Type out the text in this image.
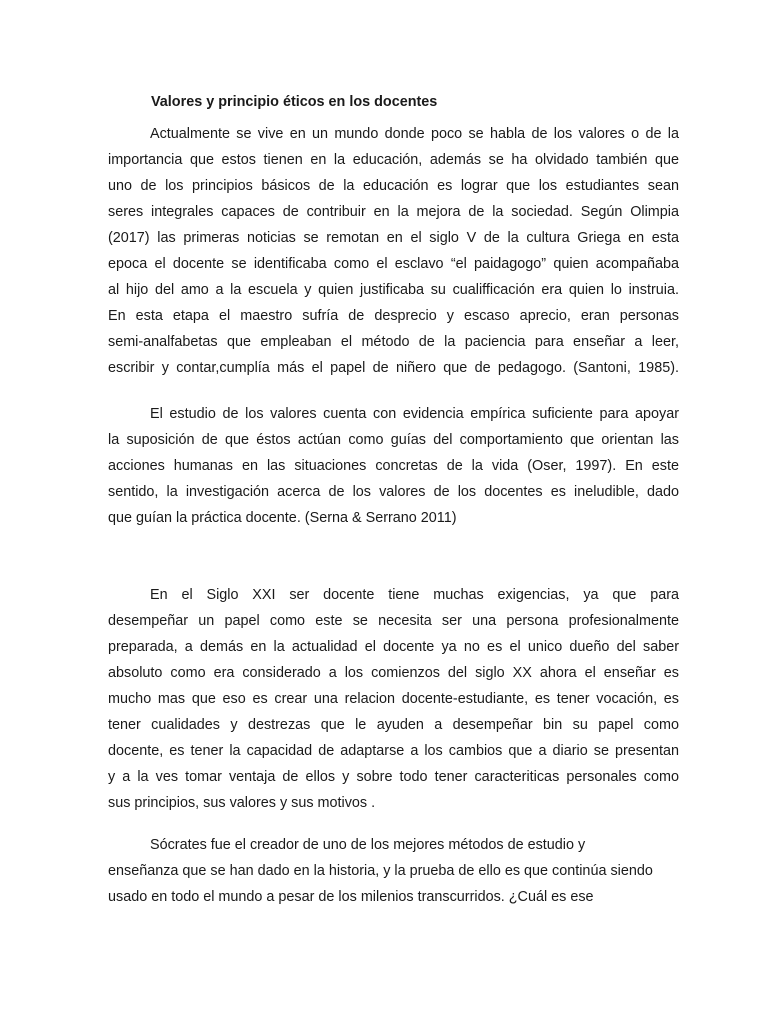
Valores y principio éticos en los docentes
Actualmente se vive en un mundo donde poco se habla de los valores o de la
importancia que estos tienen en la educación, además se ha olvidado también que
uno de los principios básicos de la educación es lograr que los estudiantes sean
seres integrales capaces de contribuir en la mejora de la sociedad. Según Olimpia
(2017) las primeras noticias se remotan en el siglo V de la cultura Griega en esta
epoca el docente se identificaba como el esclavo “el paidagogo” quien acompañaba
al hijo del amo a la escuela y quien justificaba su cualifficación era quien lo instruia.
En esta etapa el maestro sufría de desprecio y escaso aprecio, eran personas
semi-analfabetas que empleaban el método de la paciencia para enseñar a leer,
escribir y contar,cumplía más el papel de niñero que de pedagogo. (Santoni, 1985).
El estudio de los valores cuenta con evidencia empírica suficiente para apoyar
la suposición de que éstos actúan como guías del comportamiento que orientan las
acciones humanas en las situaciones concretas de la vida (Oser, 1997). En este
sentido, la investigación acerca de los valores de los docentes es ineludible, dado
que guían la práctica docente. (Serna & Serrano 2011)
En el Siglo XXI ser docente tiene muchas exigencias, ya que para
desempeñar un papel como este se necesita ser una persona profesionalmente
preparada, a demás en la actualidad el docente ya no es el unico dueño del saber
absoluto como era considerado a los comienzos del siglo XX ahora el enseñar es
mucho mas que eso es crear una relacion docente-estudiante, es tener vocación, es
tener cualidades y destrezas que le ayuden a desempeñar bin su papel como
docente, es tener la capacidad de adaptarse a los cambios que a diario se presentan
y a la ves tomar ventaja de ellos y sobre todo tener caracteriticas personales como
sus principios, sus valores y sus motivos .
Sócrates fue el creador de uno de los mejores métodos de estudio y
enseñanza que se han dado en la historia, y la prueba de ello es que continúa siendo
usado en todo el mundo a pesar de los milenios transcurridos. ¿Cuál es ese
